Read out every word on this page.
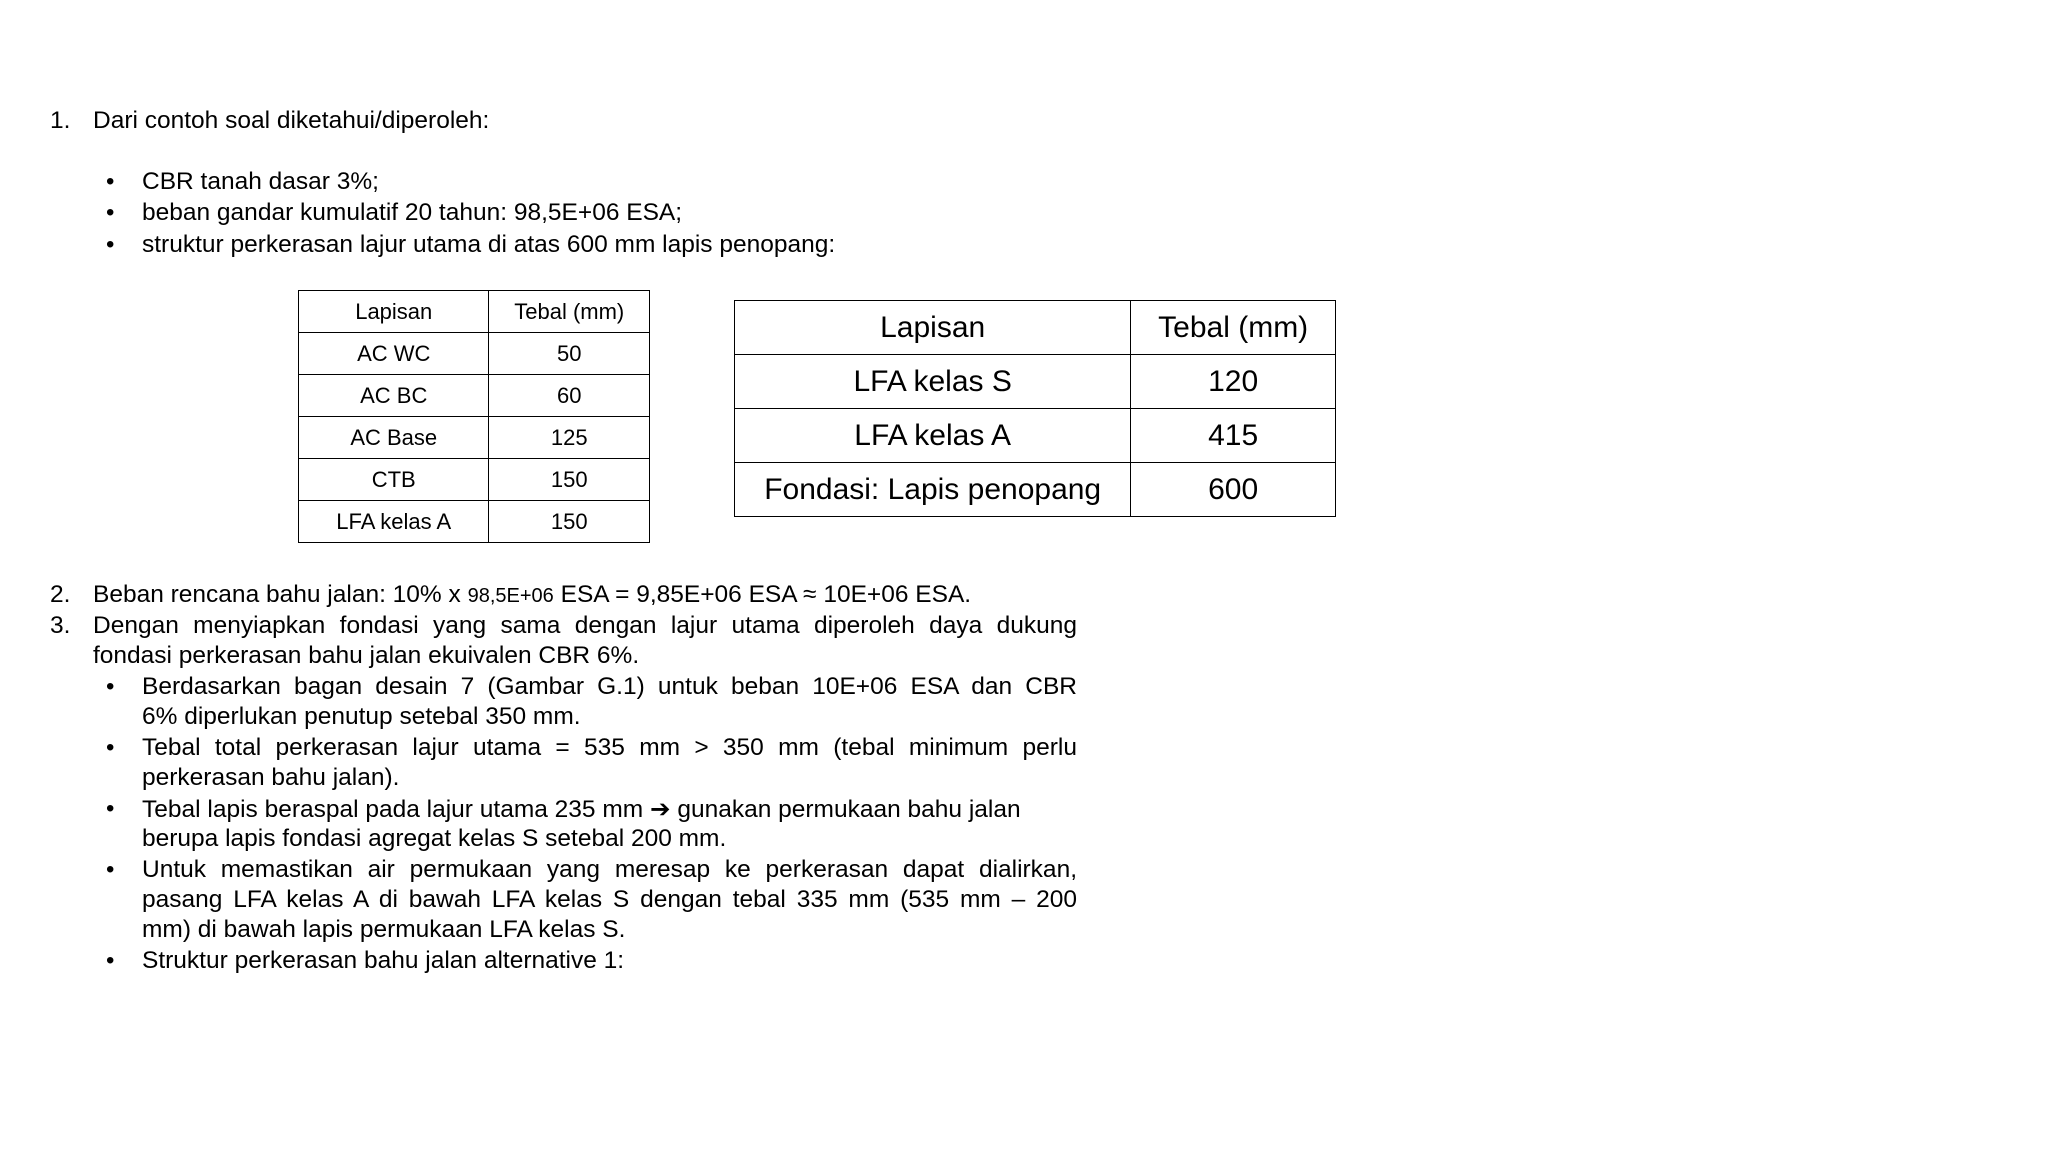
1. Dari contoh soal diketahui/diperoleh:
• CBR tanah dasar 3%;
• beban gandar kumulatif 20 tahun: 98,5E+06 ESA;
• struktur perkerasan lajur utama di atas 600 mm lapis penopang:
Lapisan	Tebal (mm)
AC WC	50
AC BC	60
AC Base	125
CTB	150
LFA kelas A	150
Lapisan	Tebal (mm)
LFA kelas S	120
LFA kelas A	415
Fondasi: Lapis penopang	600
2. Beban rencana bahu jalan: 10% x 98,5E+06 ESA = 9,85E+06 ESA ≈ 10E+06 ESA.
3. Dengan menyiapkan fondasi yang sama dengan lajur utama diperoleh daya dukung
fondasi perkerasan bahu jalan ekuivalen CBR 6%.
• Berdasarkan bagan desain 7 (Gambar G.1) untuk beban 10E+06 ESA dan CBR
6% diperlukan penutup setebal 350 mm.
• Tebal total perkerasan lajur utama = 535 mm > 350 mm (tebal minimum perlu
perkerasan bahu jalan).
• Tebal lapis beraspal pada lajur utama 235 mm ➔ gunakan permukaan bahu jalan
berupa lapis fondasi agregat kelas S setebal 200 mm.
• Untuk memastikan air permukaan yang meresap ke perkerasan dapat dialirkan,
pasang LFA kelas A di bawah LFA kelas S dengan tebal 335 mm (535 mm – 200
mm) di bawah lapis permukaan LFA kelas S.
• Struktur perkerasan bahu jalan alternative 1:
